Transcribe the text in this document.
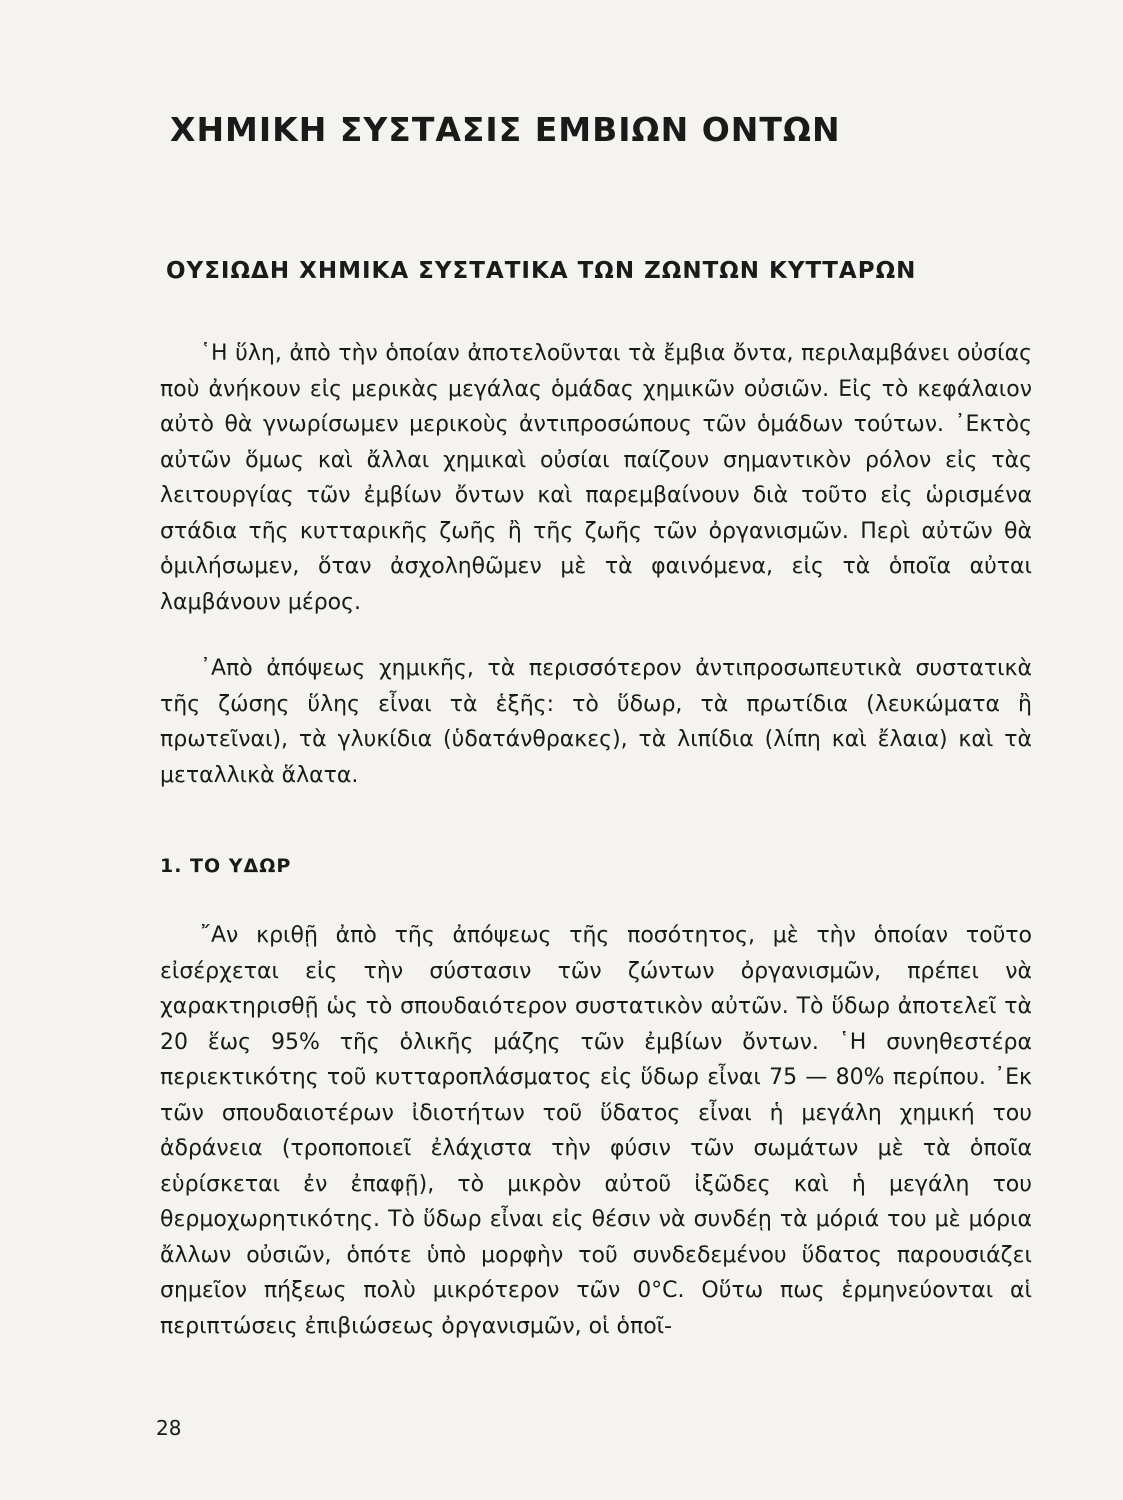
ΧΗΜΙΚΗ ΣΥΣΤΑΣΙΣ ΕΜΒΙΩΝ ΟΝΤΩΝ
ΟΥΣΙΩΔΗ ΧΗΜΙΚΑ ΣΥΣΤΑΤΙΚΑ ΤΩΝ ΖΩΝΤΩΝ ΚΥΤΤΑΡΩΝ

῾Η ὕλη, ἀπὸ τὴν ὁποίαν ἀποτελοῦνται τὰ ἔμβια ὄντα, περιλαμβάνει οὐσίας ποὺ ἀνήκουν εἰς μερικὰς μεγάλας ὁμάδας χημικῶν οὐσιῶν. Εἰς τὸ κεφάλαιον αὐτὸ θὰ γνωρίσωμεν μερικοὺς ἀντιπροσώπους τῶν ὁμάδων τούτων. ᾿Εκτὸς αὐτῶν ὅμως καὶ ἄλλαι χημικαὶ οὐσίαι παίζουν σημαντικὸν ρόλον εἰς τὰς λειτουργίας τῶν ἐμβίων ὄντων καὶ παρεμβαίνουν διὰ τοῦτο εἰς ὡρισμένα στάδια τῆς κυτταρικῆς ζωῆς ἢ τῆς ζωῆς τῶν ὀργανισμῶν. Περὶ αὐτῶν θὰ ὁμιλήσωμεν, ὅταν ἀσχοληθῶμεν μὲ τὰ φαινόμενα, εἰς τὰ ὁποῖα αὐται λαμβάνουν μέρος.

᾿Απὸ ἀπόψεως χημικῆς, τὰ περισσότερον ἀντιπροσωπευτικὰ συστατικὰ τῆς ζώσης ὕλης εἶναι τὰ ἑξῆς: τὸ ὕδωρ, τὰ πρωτίδια (λευκώματα ἢ πρωτεῖναι), τὰ γλυκίδια (ὑδατάνθρακες), τὰ λιπίδια (λίπη καὶ ἔλαια) καὶ τὰ μεταλλικὰ ἅλατα.

1. ΤΟ ΥΔΩΡ

῎Αν κριθῇ ἀπὸ τῆς ἀπόψεως τῆς ποσότητος, μὲ τὴν ὁποίαν τοῦτο εἰσέρχεται εἰς τὴν σύστασιν τῶν ζώντων ὀργανισμῶν, πρέπει νὰ χαρακτηρισθῇ ὡς τὸ σπουδαιότερον συστατικὸν αὐτῶν. Τὸ ὕδωρ ἀποτελεῖ τὰ 20 ἕως 95% τῆς ὁλικῆς μάζης τῶν ἐμβίων ὄντων. ῾Η συνηθεστέρα περιεκτικότης τοῦ κυτταροπλάσματος εἰς ὕδωρ εἶναι 75 — 80% περίπου. ᾿Εκ τῶν σπουδαιοτέρων ἰδιοτήτων τοῦ ὕδατος εἶναι ἡ μεγάλη χημική του ἀδράνεια (τροποποιεῖ ἐλάχιστα τὴν φύσιν τῶν σωμάτων μὲ τὰ ὁποῖα εὑρίσκεται ἐν ἐπαφῇ), τὸ μικρὸν αὐτοῦ ἰξῶδες καὶ ἡ μεγάλη του θερμοχωρητικότης. Τὸ ὕδωρ εἶναι εἰς θέσιν νὰ συνδέῃ τὰ μόριά του μὲ μόρια ἄλλων οὐσιῶν, ὁπότε ὑπὸ μορφὴν τοῦ συνδεδεμένου ὕδατος παρουσιάζει σημεῖον πήξεως πολὺ μικρότερον τῶν 0°C. Οὕτω πως ἑρμηνεύονται αἱ περιπτώσεις ἐπιβιώσεως ὀργανισμῶν, οἱ ὁποῖ-

28
